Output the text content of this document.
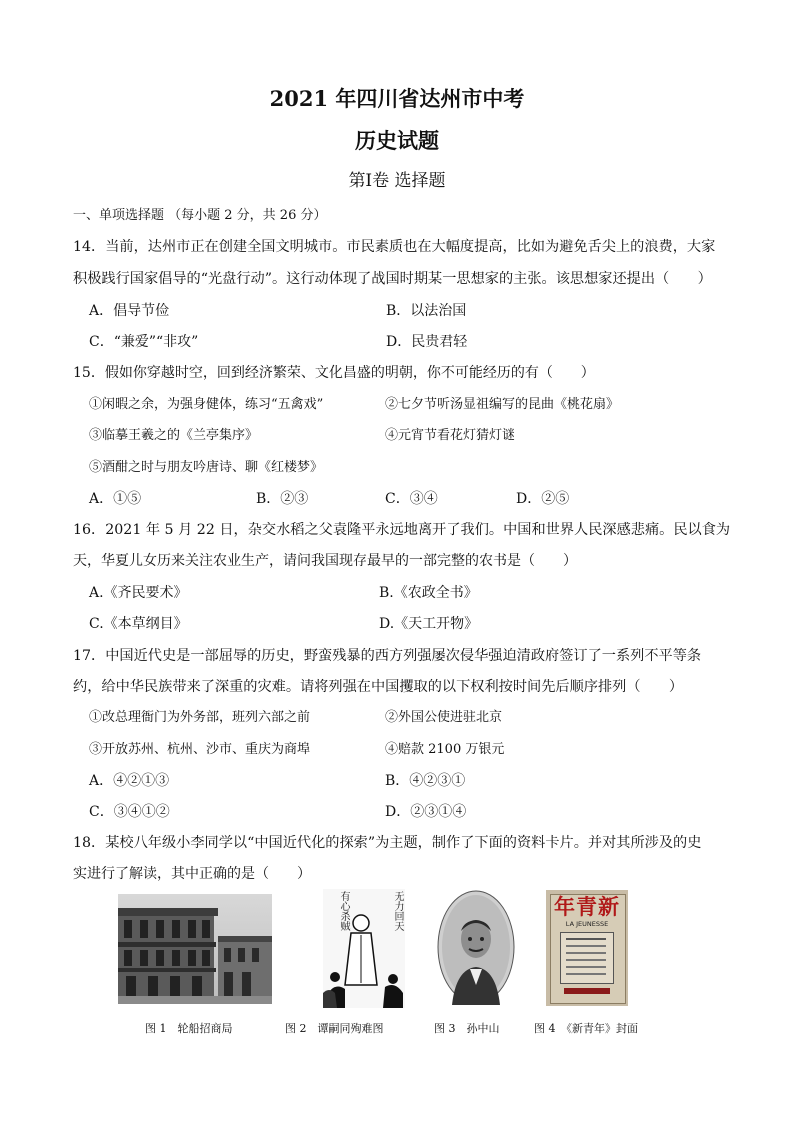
2021 年四川省达州市中考
历史试题
第Ⅰ卷 选择题
一、单项选择题 （每小题 2 分，共 26 分）
14．当前，达州市正在创建全国文明城市。市民素质也在大幅度提高，比如为避免舌尖上的浪费，大家
积极践行国家倡导的“光盘行动”。这行动体现了战国时期某一思想家的主张。该思想家还提出（　　）
A．倡导节俭	B．以法治国
C．“兼爱”“非攻”	D．民贵君轻
15．假如你穿越时空，回到经济繁荣、文化昌盛的明朝，你不可能经历的有（　　）
①闲暇之余，为强身健体，练习“五禽戏”	②七夕节听汤显祖编写的昆曲《桃花扇》
③临摹王羲之的《兰亭集序》	④元宵节看花灯猜灯谜
⑤酒酣之时与朋友吟唐诗、聊《红楼梦》
A．①⑤	B．②③	C．③④	D．②⑤
16．2021 年 5 月 22 日，杂交水稻之父袁隆平永远地离开了我们。中国和世界人民深感悲痛。民以食为
天，华夏儿女历来关注农业生产，请问我国现存最早的一部完整的农书是（　　）
A.《齐民要术》	B.《农政全书》
C.《本草纲目》	D.《天工开物》
17．中国近代史是一部屈辱的历史，野蛮残暴的西方列强屡次侵华强迫清政府签订了一系列不平等条
约，给中华民族带来了深重的灾难。请将列强在中国攫取的以下权利按时间先后顺序排列（　　）
①改总理衙门为外务部，班列六部之前	②外国公使进驻北京
③开放苏州、杭州、沙市、重庆为商埠	④赔款 2100 万银元
A．④②①③	B．④②③①
C．③④①②	D．②③①④
18．某校八年级小李同学以“中国近代化的探索”为主题，制作了下面的资料卡片。并对其所涉及的史
实进行了解读，其中正确的是（　　）
有心杀贼	无力回天	年青新
LA JEUNESSE
图 1　轮船招商局	图 2　谭嗣同殉难图	图 3　孙中山	图 4　《新青年》封面
